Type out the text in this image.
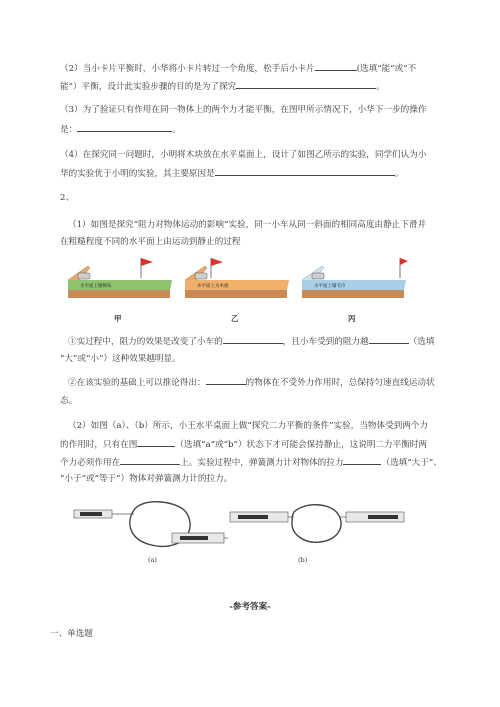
（2）当小卡片平衡时，小华将小卡片转过一个角度，松手后小卡片	(选填“能”或“不
能”）平衡，设计此实验步骤的目的是为了探究	。
（3）为了验证只有作用在同一物体上的两个力才能平衡，在图甲所示情况下，小华下一步的操作
是：	。
（4）在探究同一问题时，小明将木块放在水平桌面上，设计了如图乙所示的实验，同学们认为小
华的实验优于小明的实验，其主要原因是	。
2、
（1）如图是探究“阻力对物体运动的影响”实验，同一小车从同一斜面的相同高度由静止下滑并
在粗糙程度不同的水平面上由运动到静止的过程
水平面上铺棉布
甲
水平面上为木板
乙
水平面上铺毛巾
丙
①实过程中，阻力的效果是改变了小车的	，且小车受到的阻力越	（选填
“大”或“小”）这种效果越明显。
②在该实验的基础上可以推论得出：	的物体在不受外力作用时，总保持匀速直线运动状
态。
（2）如图（a）、（b）所示，小王水平桌面上做“探究二力平衡的条件”实验，当物体受到两个力
的作用时，只有在图	（选填“a”或“b”）状态下才可能会保持静止，这说明二力平衡时两
个力必须作用在	上。实验过程中，弹簧测力计对物体的拉力	（选填“大于”、
“小于”或“等于”）物体对弹簧测力计的拉力。
(a)	(b)
-参考答案-
一、单选题
